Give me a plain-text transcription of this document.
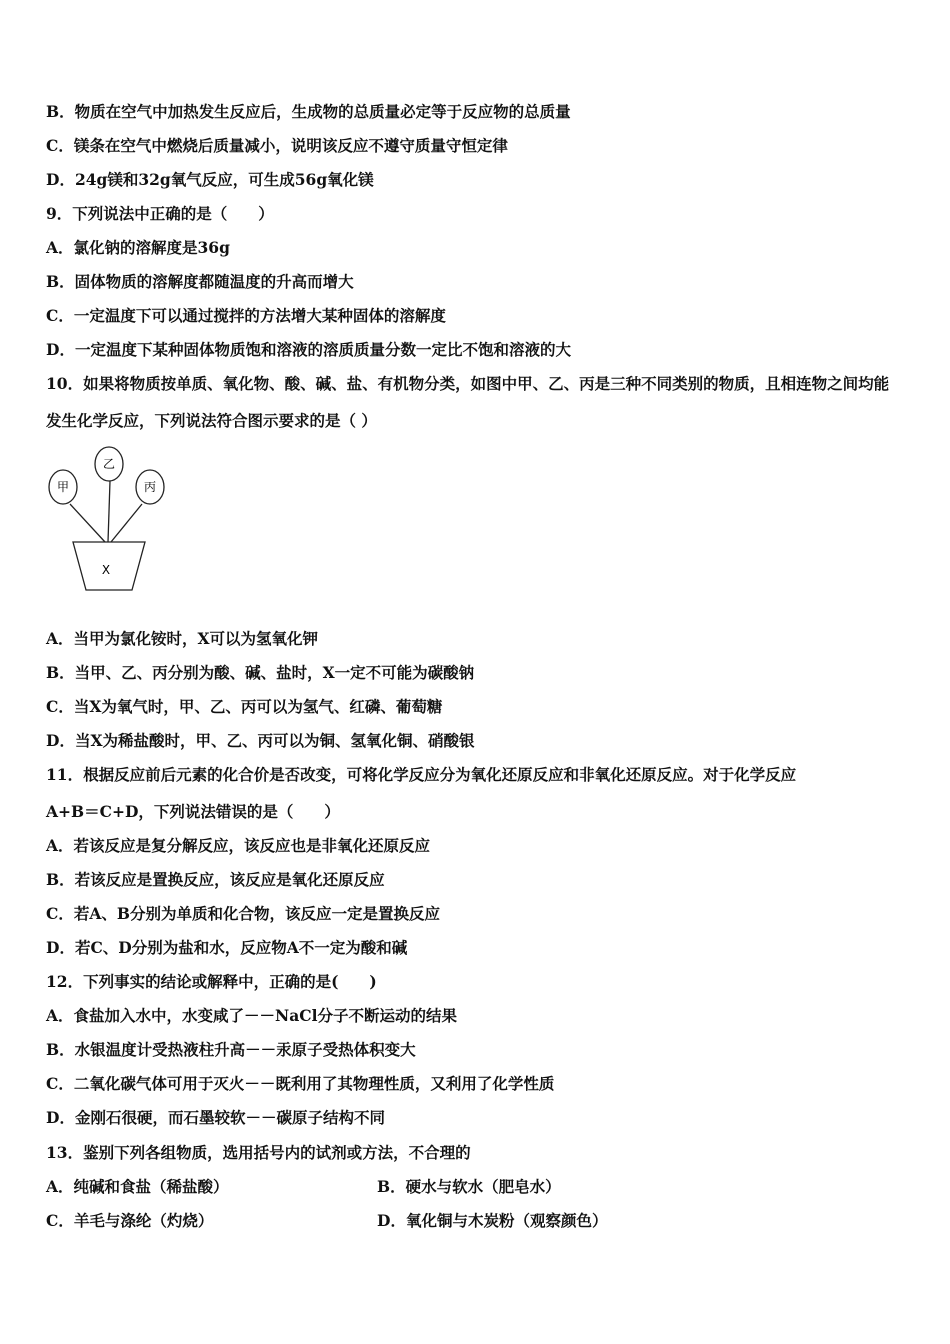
B．物质在空气中加热发生反应后，生成物的总质量必定等于反应物的总质量
C．镁条在空气中燃烧后质量减小，说明该反应不遵守质量守恒定律
D．24g镁和32g氧气反应，可生成56g氧化镁
9．下列说法中正确的是（　　）
A．氯化钠的溶解度是36g
B．固体物质的溶解度都随温度的升高而增大
C．一定温度下可以通过搅拌的方法增大某种固体的溶解度
D．一定温度下某种固体物质饱和溶液的溶质质量分数一定比不饱和溶液的大
10．如果将物质按单质、氧化物、酸、碱、盐、有机物分类，如图中甲、乙、丙是三种不同类别的物质，且相连物之间均能
发生化学反应，下列说法符合图示要求的是（ ）
甲
乙
丙
X
A．当甲为氯化铵时，X可以为氢氧化钾
B．当甲、乙、丙分别为酸、碱、盐时，X一定不可能为碳酸钠
C．当X为氧气时，甲、乙、丙可以为氢气、红磷、葡萄糖
D．当X为稀盐酸时，甲、乙、丙可以为铜、氢氧化铜、硝酸银
11．根据反应前后元素的化合价是否改变，可将化学反应分为氧化还原反应和非氧化还原反应。对于化学反应
A+B＝C+D，下列说法错误的是（　　）
A．若该反应是复分解反应，该反应也是非氧化还原反应
B．若该反应是置换反应，该反应是氧化还原反应
C．若A、B分别为单质和化合物，该反应一定是置换反应
D．若C、D分别为盐和水，反应物A不一定为酸和碱
12．下列事实的结论或解释中，正确的是(　　)
A．食盐加入水中，水变咸了－－NaCl分子不断运动的结果
B．水银温度计受热液柱升高－－汞原子受热体积变大
C．二氧化碳气体可用于灭火－－既利用了其物理性质，又利用了化学性质
D．金刚石很硬，而石墨较软－－碳原子结构不同
13．鉴别下列各组物质，选用括号内的试剂或方法，不合理的
A．纯碱和食盐（稀盐酸）	B．硬水与软水（肥皂水）
C．羊毛与涤纶（灼烧）	D．氧化铜与木炭粉（观察颜色）
